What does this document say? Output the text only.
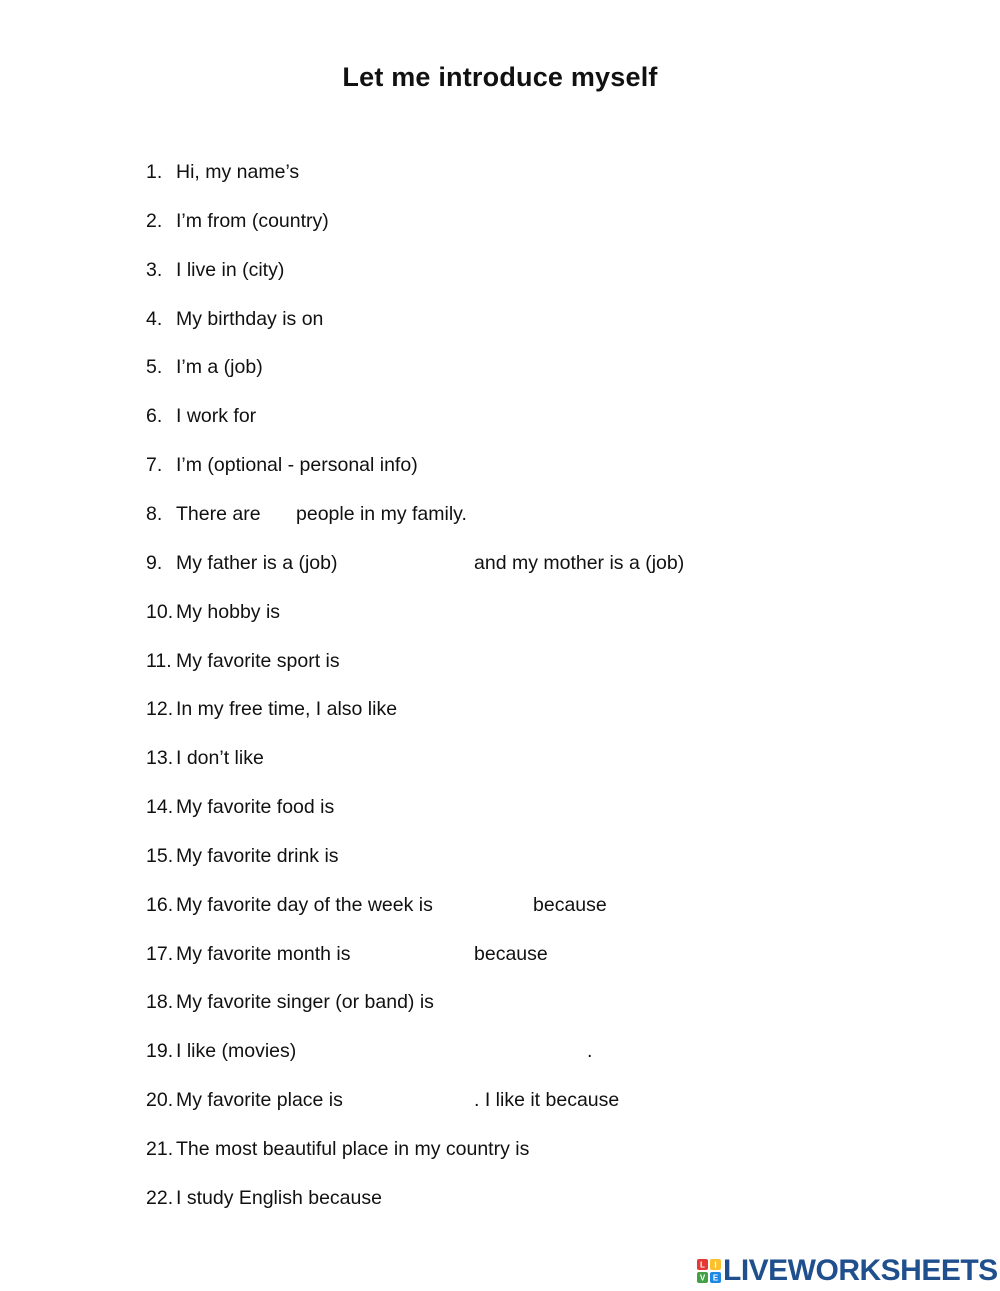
Let me introduce myself
1. Hi, my name’s
2. I’m from (country)
3. I live in (city)
4. My birthday is on
5. I’m a (job)
6. I work for
7. I’m (optional - personal info)
8. There are people in my family.
9. My father is a (job)	and my mother is a (job)
10. My hobby is
11. My favorite sport is
12. In my free time, I also like
13. I don’t like
14. My favorite food is
15. My favorite drink is
16. My favorite day of the week is	because
17. My favorite month is	because
18. My favorite singer (or band) is
19. I like (movies)	.
20. My favorite place is	. I like it because
21. The most beautiful place in my country is
22. I study English because
L I
V E LIVEWORKSHEETS
